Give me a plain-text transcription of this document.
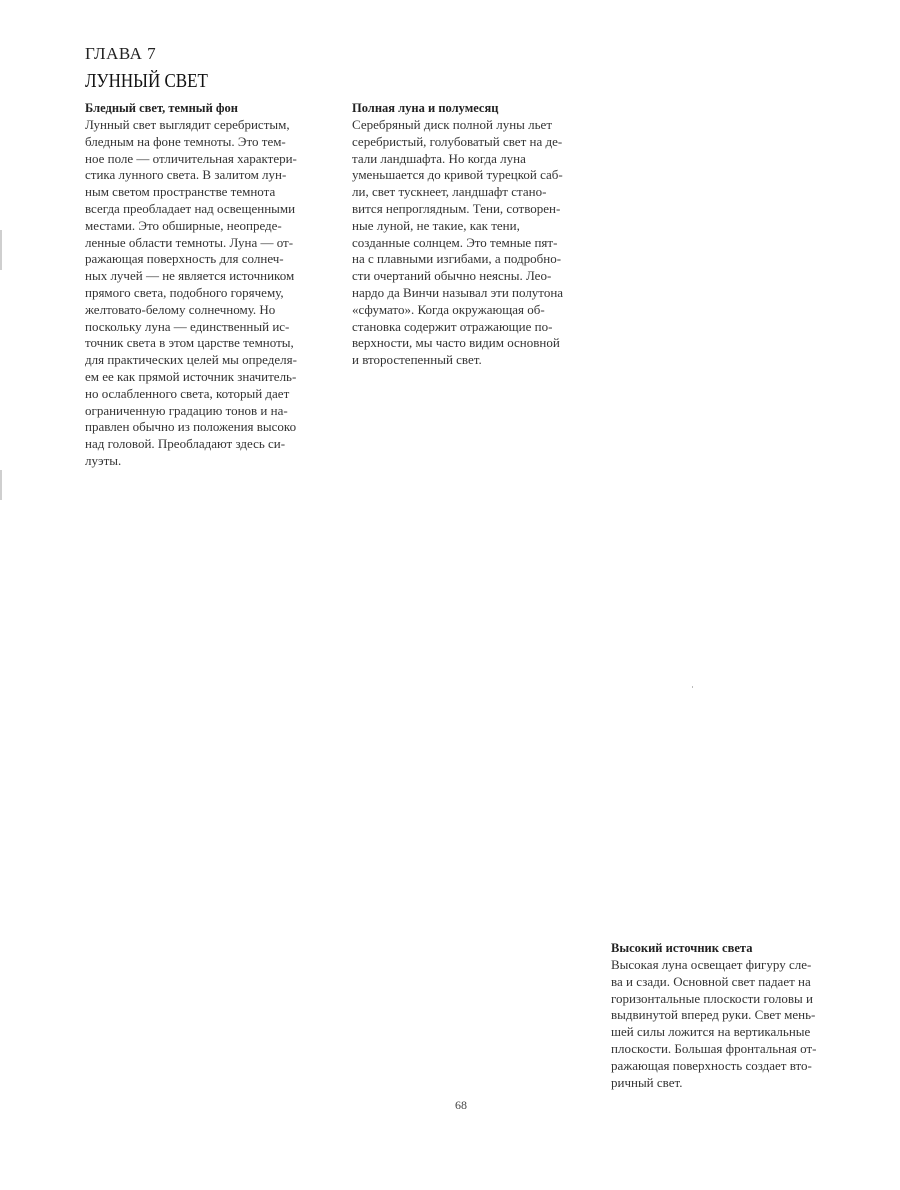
ГЛАВА 7
ЛУННЫЙ СВЕТ

Бледный свет, темный фон

Лунный свет выглядит серебристым,
бледным на фоне темноты. Это тем-
ное поле — отличительная характери-
стика лунного света. В залитом лун-
ным светом пространстве темнота
всегда преобладает над освещенными
местами. Это обширные, неопреде-
ленные области темноты. Луна — от-
ражающая поверхность для солнеч-
ных лучей — не является источником
прямого света, подобного горячему,
желтовато-белому солнечному. Но
поскольку луна — единственный ис-
точник света в этом царстве темноты,
для практических целей мы определя-
ем ее как прямой источник значитель-
но ослабленного света, который дает
ограниченную градацию тонов и на-
правлен обычно из положения высоко
над головой. Преобладают здесь си-
луэты.

Полная луна и полумесяц

Серебряный диск полной луны льет
серебристый, голубоватый свет на де-
тали ландшафта. Но когда луна
уменьшается до кривой турецкой саб-
ли, свет тускнеет, ландшафт стано-
вится непроглядным. Тени, сотворен-
ные луной, не такие, как тени,
созданные солнцем. Это темные пят-
на с плавными изгибами, а подробно-
сти очертаний обычно неясны. Лео-
нардо да Винчи называл эти полутона
«сфумато». Когда окружающая об-
становка содержит отражающие по-
верхности, мы часто видим основной
и второстепенный свет.

Высокий источник света

Высокая луна освещает фигуру сле-
ва и сзади. Основной свет падает на
горизонтальные плоскости головы и
выдвинутой вперед руки. Свет мень-
шей силы ложится на вертикальные
плоскости. Большая фронтальная от-
ражающая поверхность создает вто-
ричный свет.

68
